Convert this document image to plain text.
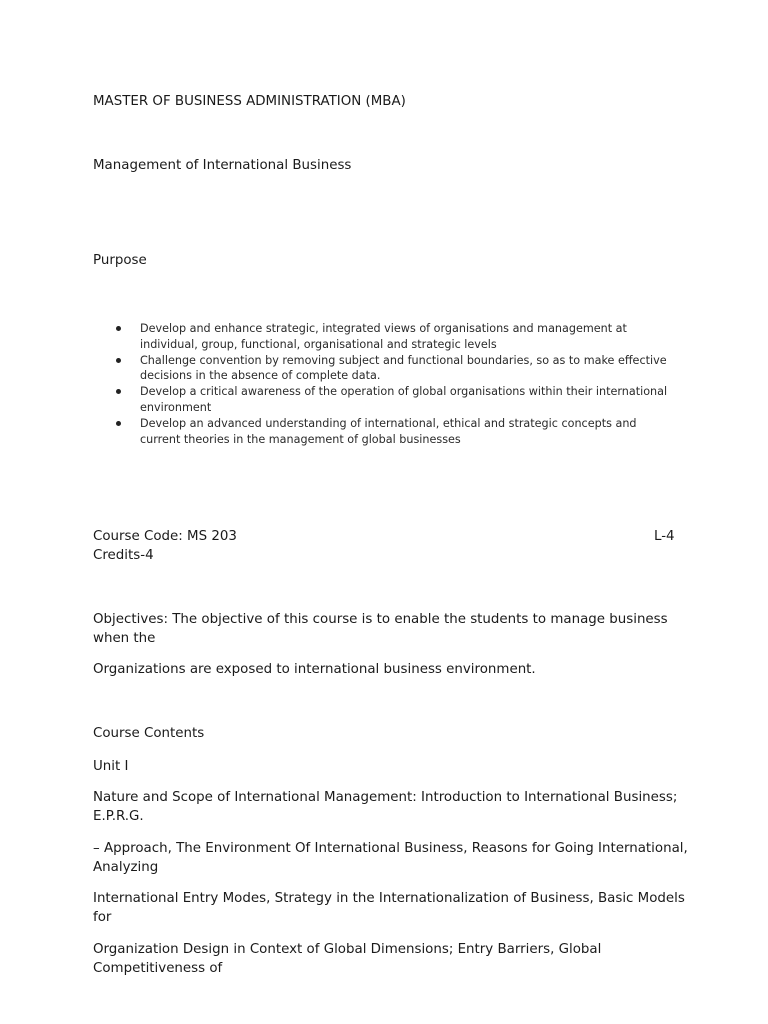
MASTER OF BUSINESS ADMINISTRATION (MBA)
Management of International Business
Purpose
Develop and enhance strategic, integrated views of organisations and management at individual, group, functional, organisational and strategic levels
Challenge convention by removing subject and functional boundaries, so as to make effective decisions in the absence of complete data.
Develop a critical awareness of the operation of global organisations within their international environment
Develop an advanced understanding of international, ethical and strategic concepts and current theories in the management of global businesses
Course Code: MS 203	L-4
Credits-4
Objectives: The objective of this course is to enable the students to manage business when the
Organizations are exposed to international business environment.
Course Contents
Unit I
Nature and Scope of International Management: Introduction to International Business; E.P.R.G.
– Approach, The Environment Of International Business, Reasons for Going International, Analyzing
International Entry Modes, Strategy in the Internationalization of Business, Basic Models for
Organization Design in Context of Global Dimensions; Entry Barriers, Global Competitiveness of
